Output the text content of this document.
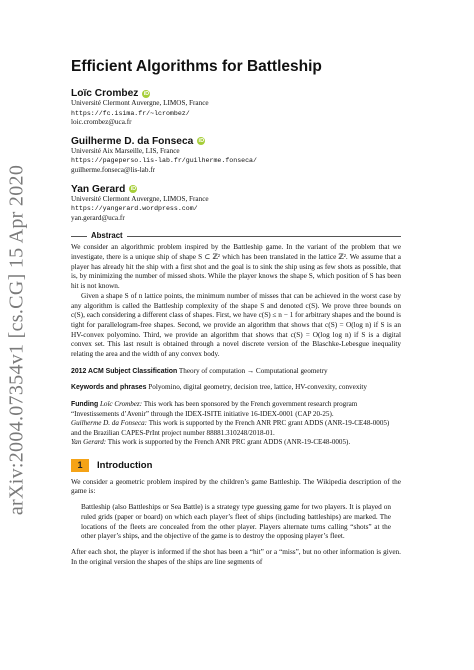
arXiv:2004.07354v1 [cs.CG] 15 Apr 2020
Efficient Algorithms for Battleship
Loïc Crombez iD
Université Clermont Auvergne, LIMOS, France
https://fc.isima.fr/~lcrombez/
loic.crombez@uca.fr
Guilherme D. da Fonseca iD
Université Aix Marseille, LIS, France
https://pageperso.lis-lab.fr/guilherme.fonseca/
guilherme.fonseca@lis-lab.fr
Yan Gerard iD
Université Clermont Auvergne, LIMOS, France
https://yangerard.wordpress.com/
yan.gerard@uca.fr
Abstract

We consider an algorithmic problem inspired by the Battleship game. In the variant of the problem that we investigate, there is a unique ship of shape S ⊂ ℤ² which has been translated in the lattice ℤ². We assume that a player has already hit the ship with a first shot and the goal is to sink the ship using as few shots as possible, that is, by minimizing the number of missed shots. While the player knows the shape S, which position of S has been hit is not known.

Given a shape S of n lattice points, the minimum number of misses that can be achieved in the worst case by any algorithm is called the Battleship complexity of the shape S and denoted c(S). We prove three bounds on c(S), each considering a different class of shapes. First, we have c(S) ≤ n − 1 for arbitrary shapes and the bound is tight for parallelogram-free shapes. Second, we provide an algorithm that shows that c(S) = O(log n) if S is an HV-convex polyomino. Third, we provide an algorithm that shows that c(S) = O(log log n) if S is a digital convex set. This last result is obtained through a novel discrete version of the Blaschke-Lebesgue inequality relating the area and the width of any convex body.

2012 ACM Subject Classification Theory of computation → Computational geometry
Keywords and phrases Polyomino, digital geometry, decision tree, lattice, HV-convexity, convexity
Funding Loïc Crombez: This work has been sponsored by the French government research program “Investissements d’Avenir” through the IDEX-ISITE initiative 16-IDEX-0001 (CAP 20-25).
Guilherme D. da Fonseca: This work is supported by the French ANR PRC grant ADDS (ANR-19-CE48-0005) and the Brazilian CAPES-PrInt project number 88881.310248/2018-01.
Yan Gerard: This work is supported by the French ANR PRC grant ADDS (ANR-19-CE48-0005).
1	Introduction

We consider a geometric problem inspired by the children’s game Battleship. The Wikipedia description of the game is:

Battleship (also Battleships or Sea Battle) is a strategy type guessing game for two players. It is played on ruled grids (paper or board) on which each player’s fleet of ships (including battleships) are marked. The locations of the fleets are concealed from the other player. Players alternate turns calling “shots” at the other player’s ships, and the objective of the game is to destroy the opposing player’s fleet.

After each shot, the player is informed if the shot has been a “hit” or a “miss”, but no other information is given. In the original version the shapes of the ships are line segments of
